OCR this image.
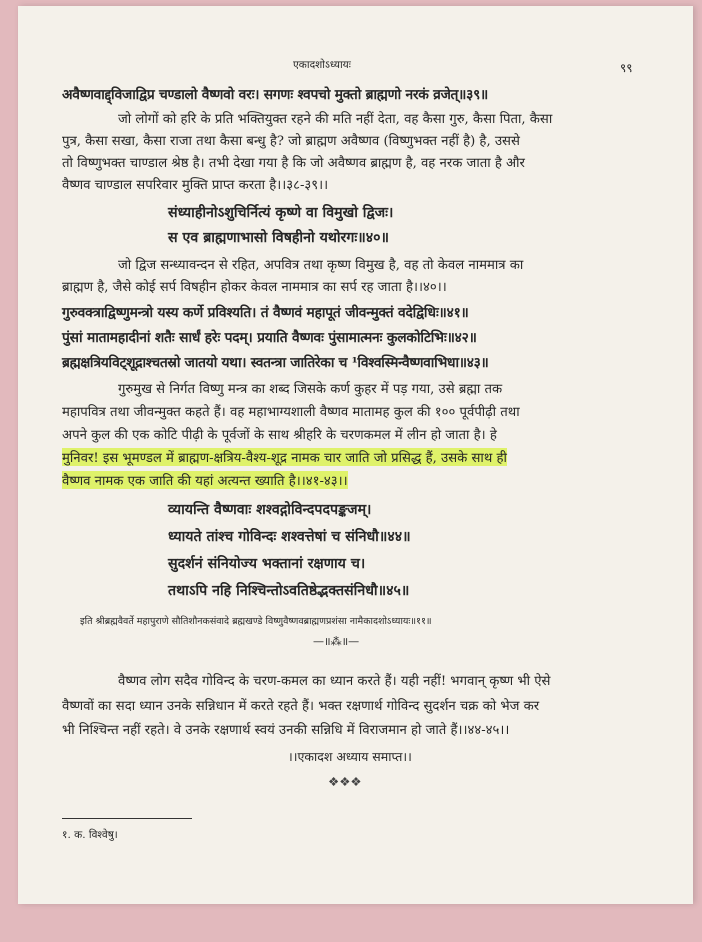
एकादशोऽध्यायः	९९
अवैष्णवाद्द्विजाद्विप्र चण्डालो वैष्णवो वरः। सगणः श्वपचो मुक्तो ब्राह्मणो नरकं व्रजेत्॥३९॥
जो लोगों को हरि के प्रति भक्तियुक्त रहने की मति नहीं देता, वह कैसा गुरु, कैसा पिता, कैसा
पुत्र, कैसा सखा, कैसा राजा तथा कैसा बन्धु है? जो ब्राह्मण अवैष्णव (विष्णुभक्त नहीं है) है, उससे
तो विष्णुभक्त चाण्डाल श्रेष्ठ है। तभी देखा गया है कि जो अवैष्णव ब्राह्मण है, वह नरक जाता है और
वैष्णव चाण्डाल सपरिवार मुक्ति प्राप्त करता है।।३८-३९।।
संध्याहीनोऽशुचिर्नित्यं कृष्णे वा विमुखो द्विजः।
स एव ब्राह्मणाभासो विषहीनो यथोरगः॥४०॥
जो द्विज सन्ध्यावन्दन से रहित, अपवित्र तथा कृष्ण विमुख है, वह तो केवल नाममात्र का
ब्राह्मण है, जैसे कोई सर्प विषहीन होकर केवल नाममात्र का सर्प रह जाता है।।४०।।
गुरुवक्त्राद्विष्णुमन्त्रो यस्य कर्णे प्रविश्यति। तं वैष्णवं महापूतं जीवन्मुक्तं वदेद्विधिः॥४१॥
पुंसां मातामहादीनां शतैः सार्धं हरेः पदम्। प्रयाति वैष्णवः पुंसामात्मनः कुलकोटिभिः॥४२॥
ब्रह्मक्षत्रियविट्शूद्राश्चतस्रो जातयो यथा। स्वतन्त्रा जातिरेका च ¹विश्वस्मिन्वैष्णवाभिधा॥४३॥
गुरुमुख से निर्गत विष्णु मन्त्र का शब्द जिसके कर्ण कुहर में पड़ गया, उसे ब्रह्मा तक
महापवित्र तथा जीवन्मुक्त कहते हैं। वह महाभाग्यशाली वैष्णव मातामह कुल की १०० पूर्वपीढ़ी तथा
अपने कुल की एक कोटि पीढ़ी के पूर्वजों के साथ श्रीहरि के चरणकमल में लीन हो जाता है। हे
मुनिवर! इस भूमण्डल में ब्राह्मण-क्षत्रिय-वैश्य-शूद्र नामक चार जाति जो प्रसिद्ध हैं, उसके साथ ही
वैष्णव नामक एक जाति की यहां अत्यन्त ख्याति है।।४१-४३।।
व्यायन्ति वैष्णवाः शश्वद्गोविन्दपदपङ्कजम्।
ध्यायते तांश्च गोविन्दः शश्वत्तेषां च संनिधौ॥४४॥
सुदर्शनं संनियोज्य भक्तानां रक्षणाय च।
तथाऽपि नहि निश्चिन्तोऽवतिष्ठेद्भक्तसंनिधौ॥४५॥
इति श्रीब्रह्मवैवर्ते महापुराणे सौतिशौनकसंवादे ब्रह्मखण्डे विष्णुवैष्णवब्राह्मणप्रशंसा नामैकादशोऽध्यायः॥११॥
—॥⁂॥—
वैष्णव लोग सदैव गोविन्द के चरण-कमल का ध्यान करते हैं। यही नहीं! भगवान् कृष्ण भी ऐसे
वैष्णवों का सदा ध्यान उनके सन्निधान में करते रहते हैं। भक्त रक्षणार्थ गोविन्द सुदर्शन चक्र को भेज कर
भी निश्चिन्त नहीं रहते। वे उनके रक्षणार्थ स्वयं उनकी सन्निधि में विराजमान हो जाते हैं।।४४-४५।।
।।एकादश अध्याय समाप्त।।
❖❖❖
१. क. विश्वेषु।
